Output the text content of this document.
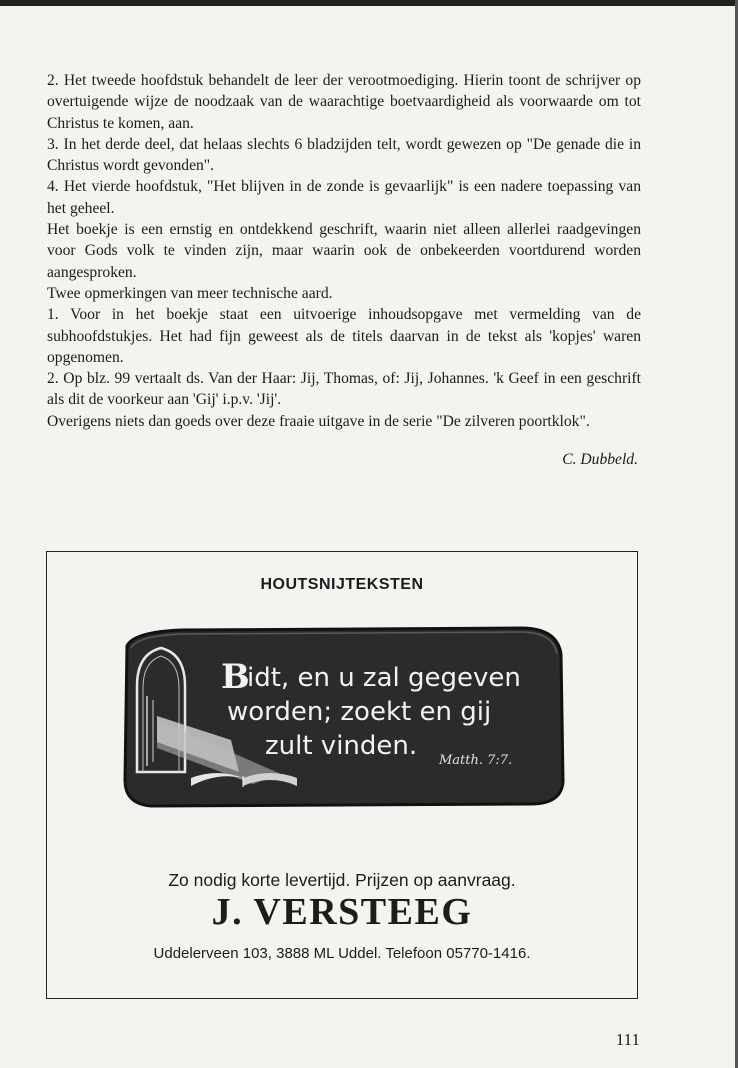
2. Het tweede hoofdstuk behandelt de leer der verootmoediging. Hierin toont de schrijver op overtuigende wijze de noodzaak van de waarachtige boetvaardigheid als voorwaarde om tot Christus te komen, aan.

3. In het derde deel, dat helaas slechts 6 bladzijden telt, wordt gewezen op "De genade die in Christus wordt gevonden".

4. Het vierde hoofdstuk, "Het blijven in de zonde is gevaarlijk" is een nadere toepassing van het geheel.

Het boekje is een ernstig en ontdekkend geschrift, waarin niet alleen allerlei raadgevingen voor Gods volk te vinden zijn, maar waarin ook de onbekeerden voortdurend worden aangesproken.

Twee opmerkingen van meer technische aard.

1. Voor in het boekje staat een uitvoerige inhoudsopgave met vermelding van de subhoofdstukjes. Het had fijn geweest als de titels daarvan in de tekst als 'kopjes' waren opgenomen.

2. Op blz. 99 vertaalt ds. Van der Haar: Jij, Thomas, of: Jij, Johannes. 'k Geef in een geschrift als dit de voorkeur aan 'Gij' i.p.v. 'Jij'.

Overigens niets dan goeds over deze fraaie uitgave in de serie "De zilveren poortklok".

C. Dubbeld.
HOUTSNIJTEKSTEN
B
idt, en u zal gegeven
worden; zoekt en gij
zult vinden. Matth. 7:7.
Zo nodig korte levertijd. Prijzen op aanvraag.
J. VERSTEEG
Uddelerveen 103, 3888 ML Uddel. Telefoon 05770-1416.
111
